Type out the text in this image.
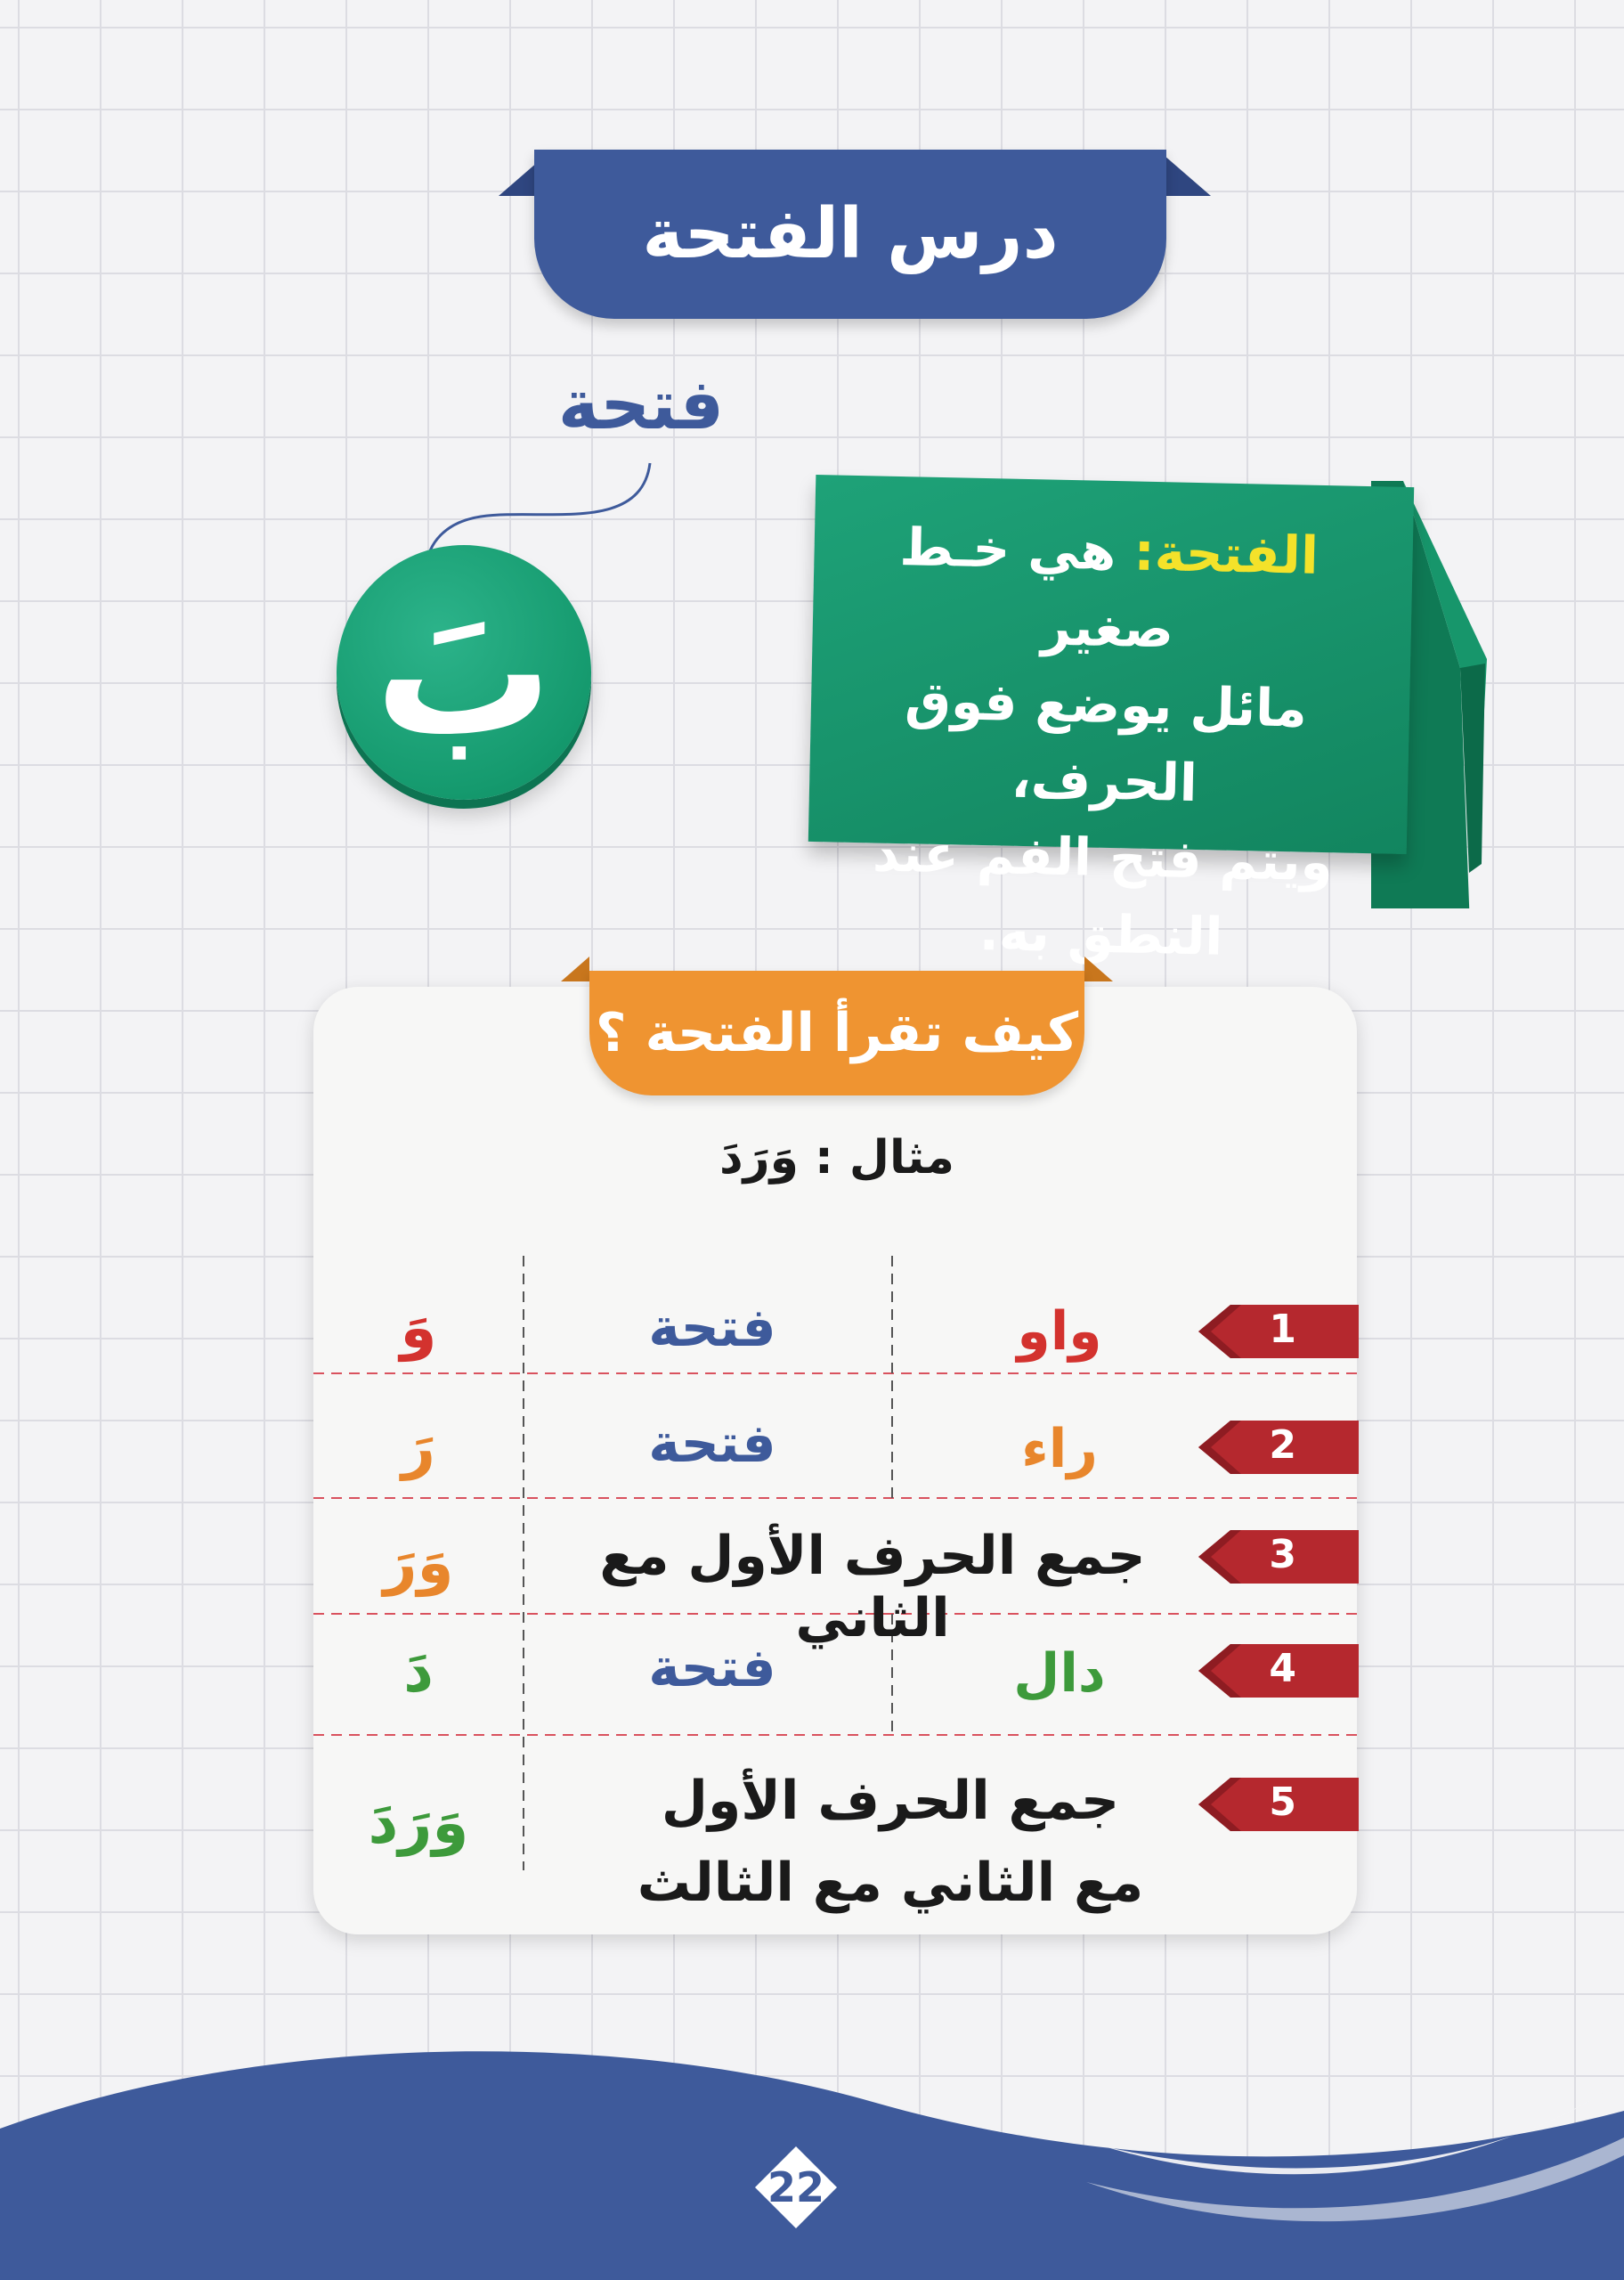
درس الفتحة
فتحة
بَ
الفتحة: هي خـط صغير
مائل يوضع فوق الحرف،
ويتم فتح الفم عند
النطق به.
كيف تقرأ الفتحة ؟
مثال : وَرَدَ
واو
فتحة
وَ
راء
فتحة
رَ
جمع الحرف الأول مع الثاني
وَرَ
دال
فتحة
دَ
جمع الحرف الأول
مع الثاني مع الثالث
وَرَدَ
1
2
3
4
5
22
